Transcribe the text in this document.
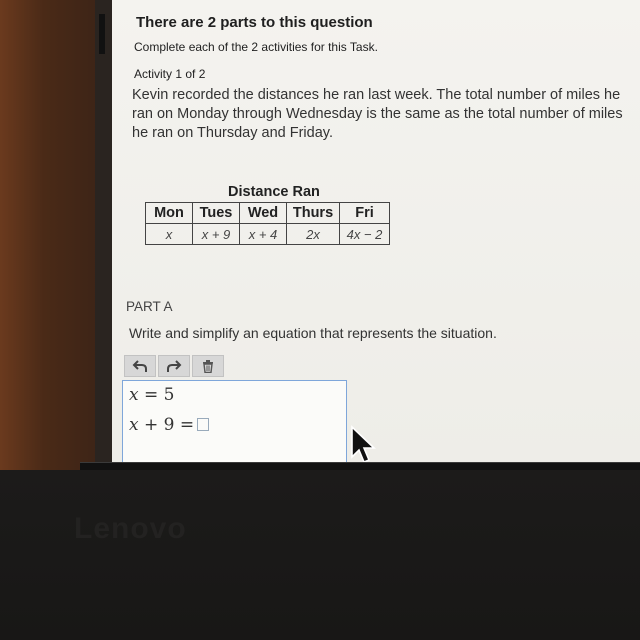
There are 2 parts to this question
Complete each of the 2 activities for this Task.
Activity 1 of 2
Kevin recorded the distances he ran last week. The total number of miles he ran on Monday through Wednesday is the same as the total number of miles he ran on Thursday and Friday.
Distance Ran
Mon	Tues	Wed	Thurs	Fri
x	x + 9	x + 4	2x	4x − 2
PART A
Write and simplify an equation that represents the situation.
x = 5
x + 9 =
Lenovo
